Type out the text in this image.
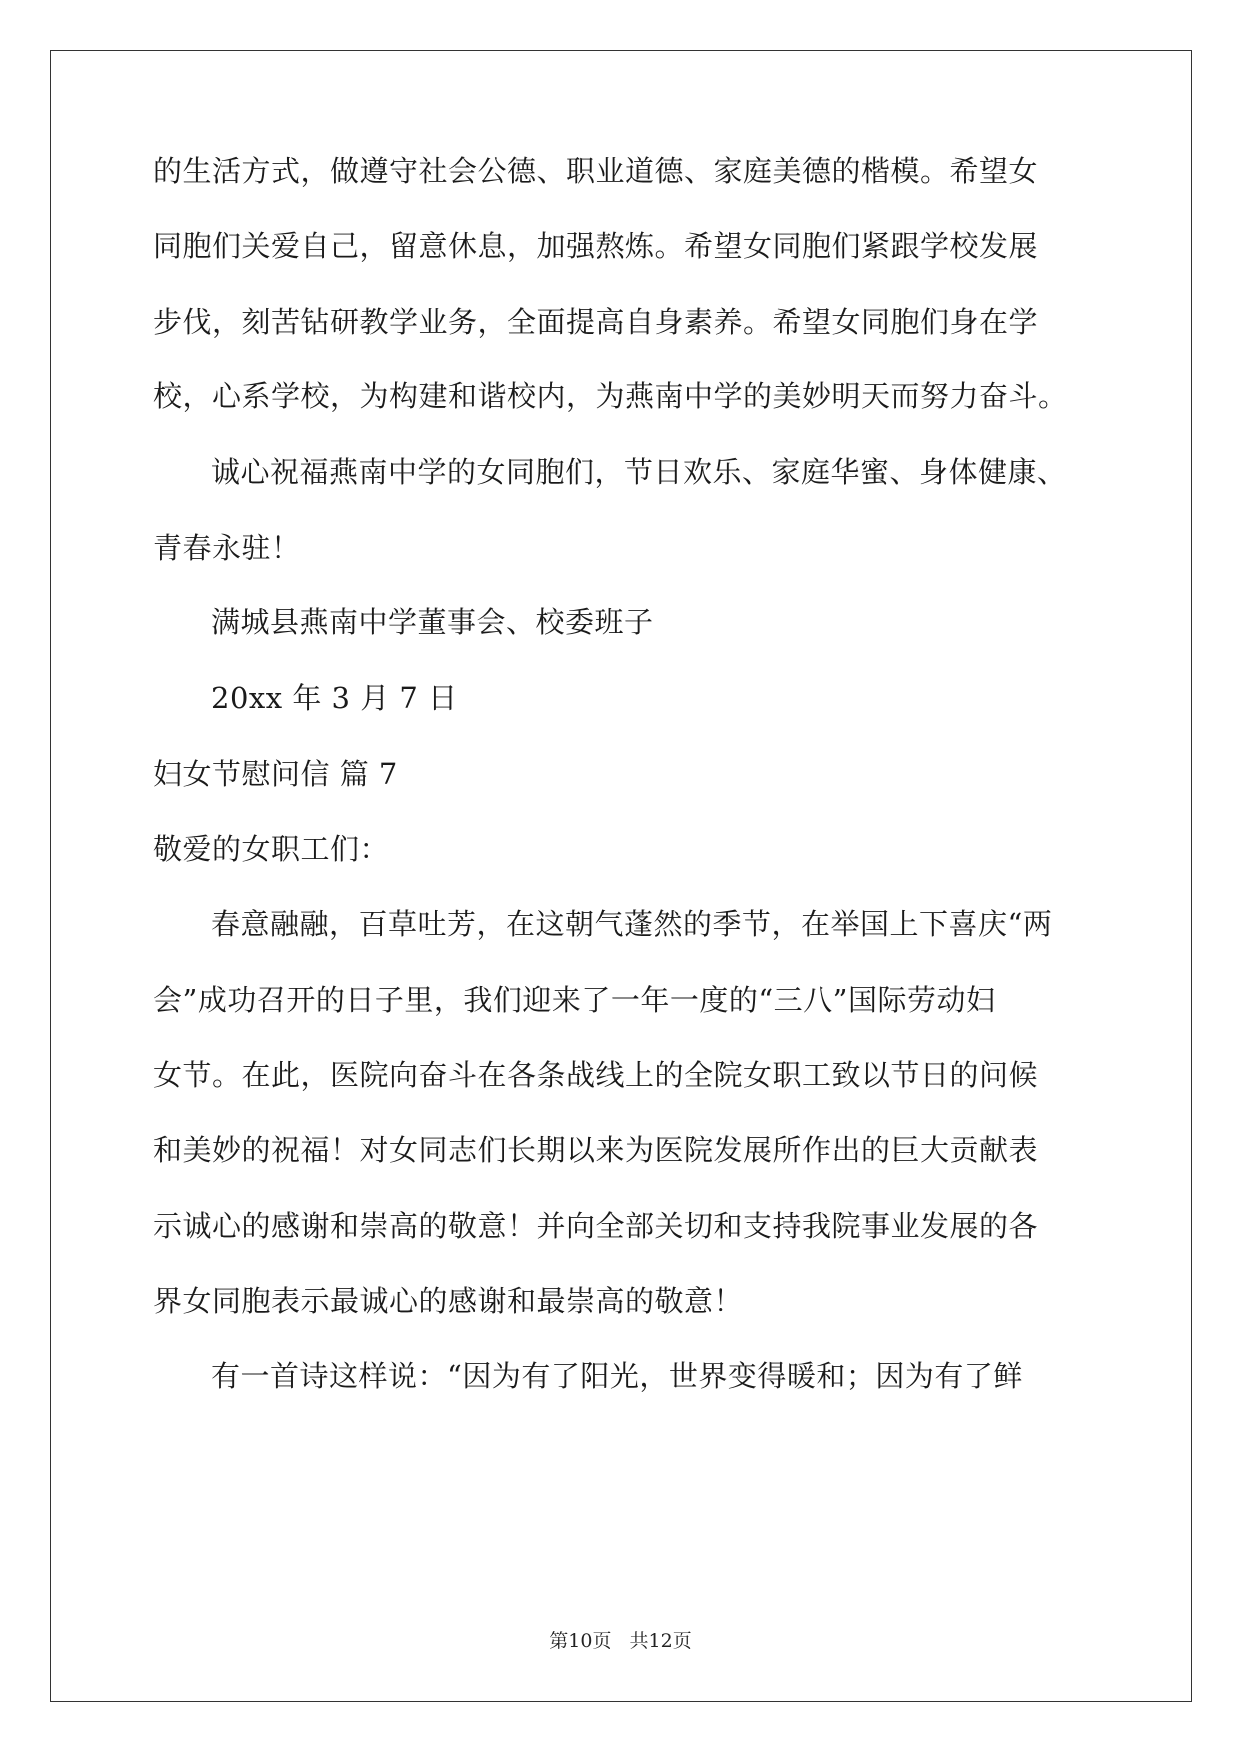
的生活方式，做遵守社会公德、职业道德、家庭美德的楷模。希望女
同胞们关爱自己，留意休息，加强熬炼。希望女同胞们紧跟学校发展
步伐，刻苦钻研教学业务，全面提高自身素养。希望女同胞们身在学
校，心系学校，为构建和谐校内，为燕南中学的美妙明天而努力奋斗。
诚心祝福燕南中学的女同胞们，节日欢乐、家庭华蜜、身体健康、
青春永驻！
满城县燕南中学董事会、校委班子
20xx 年 3 月 7 日
妇女节慰问信 篇 7
敬爱的女职工们：
春意融融，百草吐芳，在这朝气蓬然的季节，在举国上下喜庆“两
会”成功召开的日子里，我们迎来了一年一度的“三八”国际劳动妇
女节。在此，医院向奋斗在各条战线上的全院女职工致以节日的问候
和美妙的祝福！对女同志们长期以来为医院发展所作出的巨大贡献表
示诚心的感谢和崇高的敬意！并向全部关切和支持我院事业发展的各
界女同胞表示最诚心的感谢和最崇高的敬意！
有一首诗这样说：“因为有了阳光，世界变得暖和；因为有了鲜
第10页 共12页
